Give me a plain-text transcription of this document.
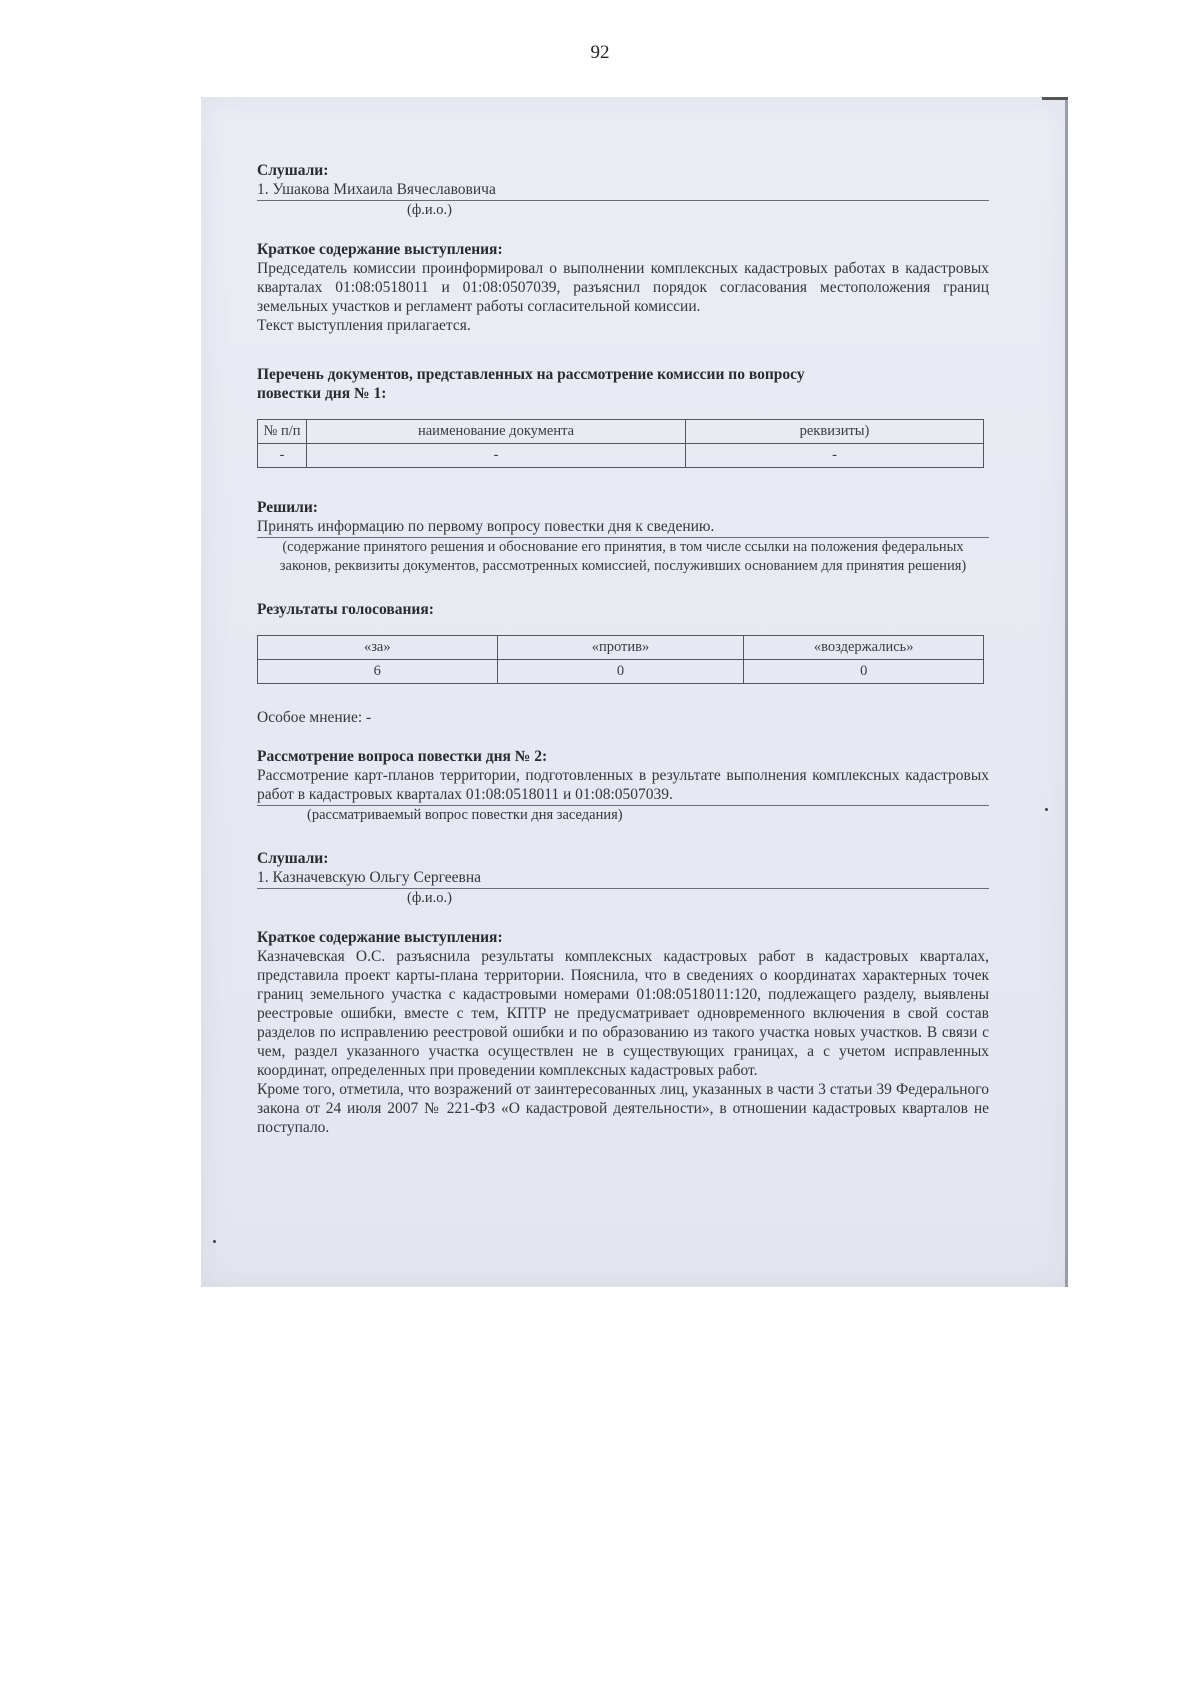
92
Слушали:
1. Ушакова Михаила Вячеславовича
(ф.и.о.)
Краткое содержание выступления:
Председатель комиссии проинформировал о выполнении комплексных кадастровых работах в кадастровых кварталах 01:08:0518011 и 01:08:0507039, разъяснил порядок согласования местоположения границ земельных участков и регламент работы согласительной комиссии.
Текст выступления прилагается.
Перечень документов, представленных на рассмотрение комиссии по вопросу
повестки дня № 1:
№ п/п	наименование документа	реквизиты)
-	-	-
Решили:
Принять информацию по первому вопросу повестки дня к сведению.
(содержание принятого решения и обоснование его принятия, в том числе ссылки на положения федеральных законов, реквизиты документов, рассмотренных комиссией, послуживших основанием для принятия решения)
Результаты голосования:
«за»	«против»	«воздержались»
6	0	0
Особое мнение: -
Рассмотрение вопроса повестки дня № 2:
Рассмотрение карт-планов территории, подготовленных в результате выполнения комплексных кадастровых работ в кадастровых кварталах 01:08:0518011 и 01:08:0507039.
(рассматриваемый вопрос повестки дня заседания)
Слушали:
1. Казначевскую Ольгу Сергеевна
(ф.и.о.)
Краткое содержание выступления:
Казначевская О.С. разъяснила результаты комплексных кадастровых работ в кадастровых кварталах, представила проект карты-плана территории. Пояснила, что в сведениях о координатах характерных точек границ земельного участка с кадастровыми номерами 01:08:0518011:120, подлежащего разделу, выявлены реестровые ошибки, вместе с тем, КПТР не предусматривает одновременного включения в свой состав разделов по исправлению реестровой ошибки и по образованию из такого участка новых участков. В связи с чем, раздел указанного участка осуществлен не в существующих границах, а с учетом исправленных координат, определенных при проведении комплексных кадастровых работ.
Кроме того, отметила, что возражений от заинтересованных лиц, указанных в части 3 статьи 39 Федерального закона от 24 июля 2007 № 221-ФЗ «О кадастровой деятельности», в отношении кадастровых кварталов не поступало.
